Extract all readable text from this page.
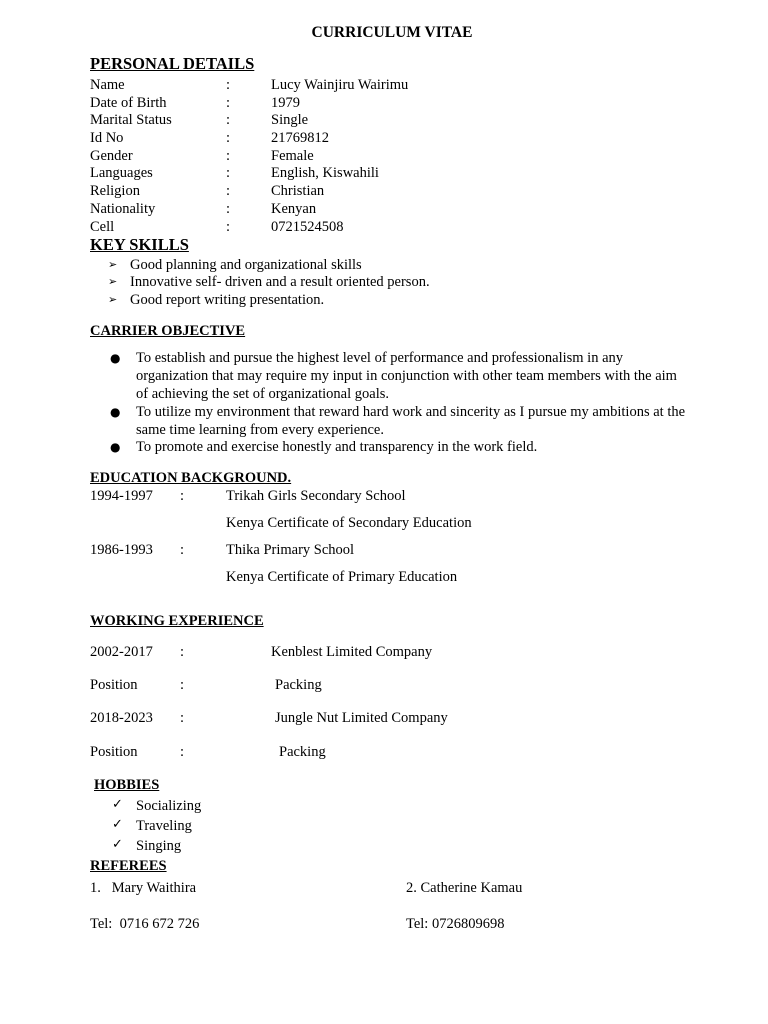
CURRICULUM VITAE
PERSONAL DETAILS
Name	:	Lucy Wainjiru Wairimu
Date of Birth	:	1979
Marital Status	:	Single
Id No	:	21769812
Gender	:	Female
Languages	:	English, Kiswahili
Religion	:	Christian
Nationality	:	Kenyan
Cell	:	0721524508
KEY SKILLS
➢ Good planning and organizational skills
➢ Innovative self- driven and a result oriented person.
➢ Good report writing presentation.
CARRIER OBJECTIVE
● To establish and pursue the highest level of performance and professionalism in any organization that may require my input in conjunction with other team members with the aim of achieving the set of organizational goals.
● To utilize my environment that reward hard work and sincerity as I pursue my ambitions at the same time learning from every experience.
● To promote and exercise honestly and transparency in the work field.
EDUCATION BACKGROUND.
1994-1997 :	Trikah Girls Secondary School
Kenya Certificate of Secondary Education
1986-1993 :	Thika Primary School
Kenya Certificate of Primary Education
WORKING EXPERIENCE
2002-2017 :	Kenblest Limited Company
Position	:	Packing
2018-2023 :	Jungle Nut Limited Company
Position	:	Packing
HOBBIES
✓ Socializing
✓ Traveling
✓ Singing
REFEREES
1.   Mary Waithira	2. Catherine Kamau
Tel:  0716 672 726	Tel: 0726809698
